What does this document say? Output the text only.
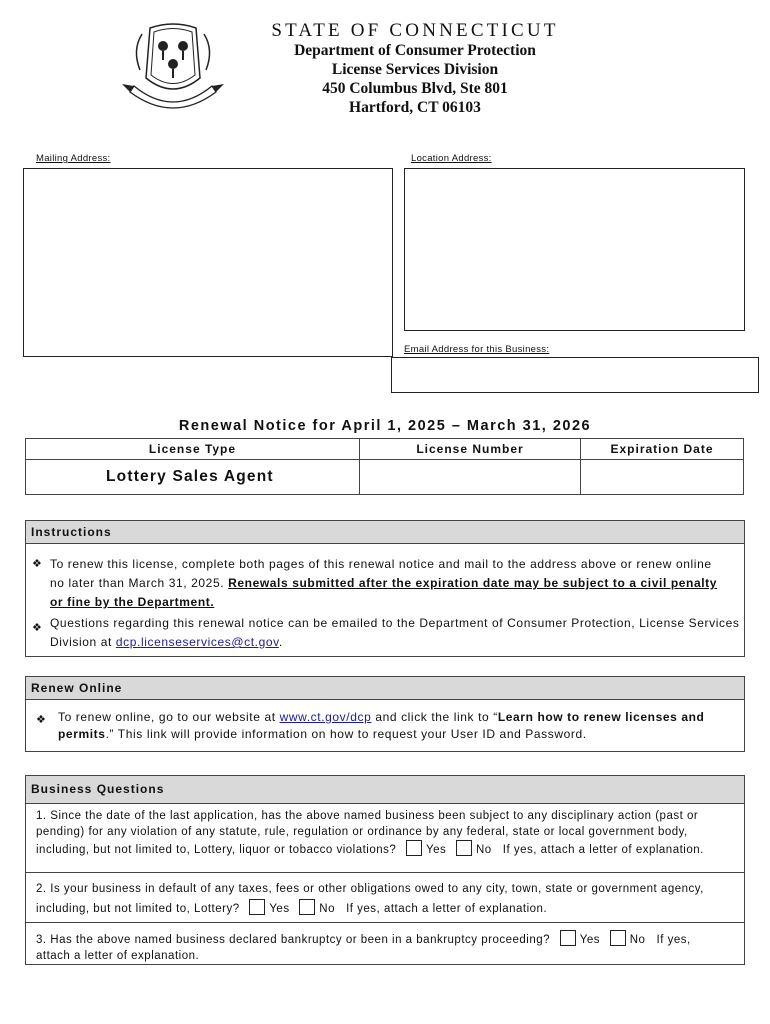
STATE OF CONNECTICUT
Department of Consumer Protection
License Services Division
450 Columbus Blvd, Ste 801
Hartford, CT 06103
Mailing Address:	Location Address:
Email Address for this Business:
Renewal Notice for April 1, 2025 – March 31, 2026
License Type	License Number	Expiration Date
Lottery Sales Agent		
Instructions
❖ To renew this license, complete both pages of this renewal notice and mail to the address above or renew online no later than March 31, 2025. Renewals submitted after the expiration date may be subject to a civil penalty or fine by the Department.
❖ Questions regarding this renewal notice can be emailed to the Department of Consumer Protection, License Services Division at dcp.licenseservices@ct.gov.
Renew Online
❖ To renew online, go to our website at www.ct.gov/dcp and click the link to “Learn how to renew licenses and permits.” This link will provide information on how to request your User ID and Password.
Business Questions
1. Since the date of the last application, has the above named business been subject to any disciplinary action (past or pending) for any violation of any statute, rule, regulation or ordinance by any federal, state or local government body, including, but not limited to, Lottery, liquor or tobacco violations?	Yes	No If yes, attach a letter of explanation.
2. Is your business in default of any taxes, fees or other obligations owed to any city, town, state or government agency, including, but not limited to, Lottery?	Yes	No If yes, attach a letter of explanation.
3. Has the above named business declared bankruptcy or been in a bankruptcy proceeding?	Yes	No If yes, attach a letter of explanation.
